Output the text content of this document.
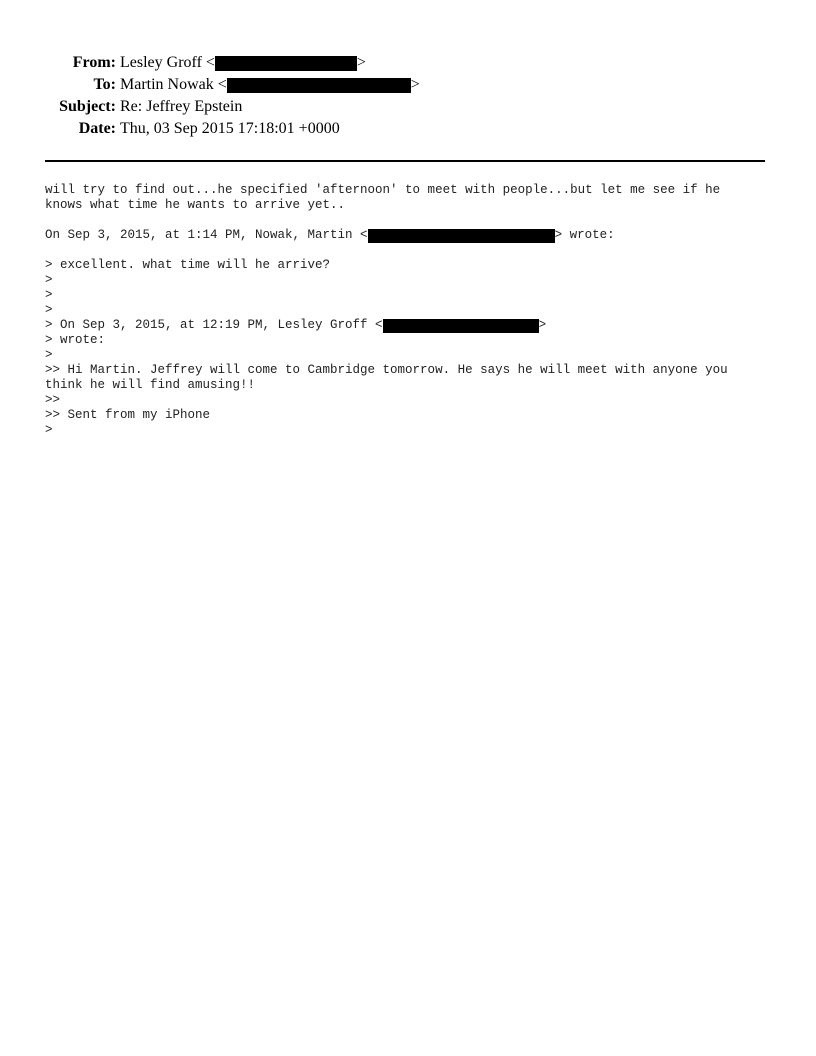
From: Lesley Groff <	>
To: Martin Nowak <	>
Subject: Re: Jeffrey Epstein
Date: Thu, 03 Sep 2015 17:18:01 +0000
will try to find out...he specified 'afternoon' to meet with people...but let me see if he
knows what time he wants to arrive yet..
On Sep 3, 2015, at 1:14 PM, Nowak, Martin <	> wrote:
> excellent. what time will he arrive?
>
>
>
> On Sep 3, 2015, at 12:19 PM, Lesley Groff <	>
> wrote:
>
>> Hi Martin. Jeffrey will come to Cambridge tomorrow. He says he will meet with anyone you
think he will find amusing!!
>>
>> Sent from my iPhone
>
